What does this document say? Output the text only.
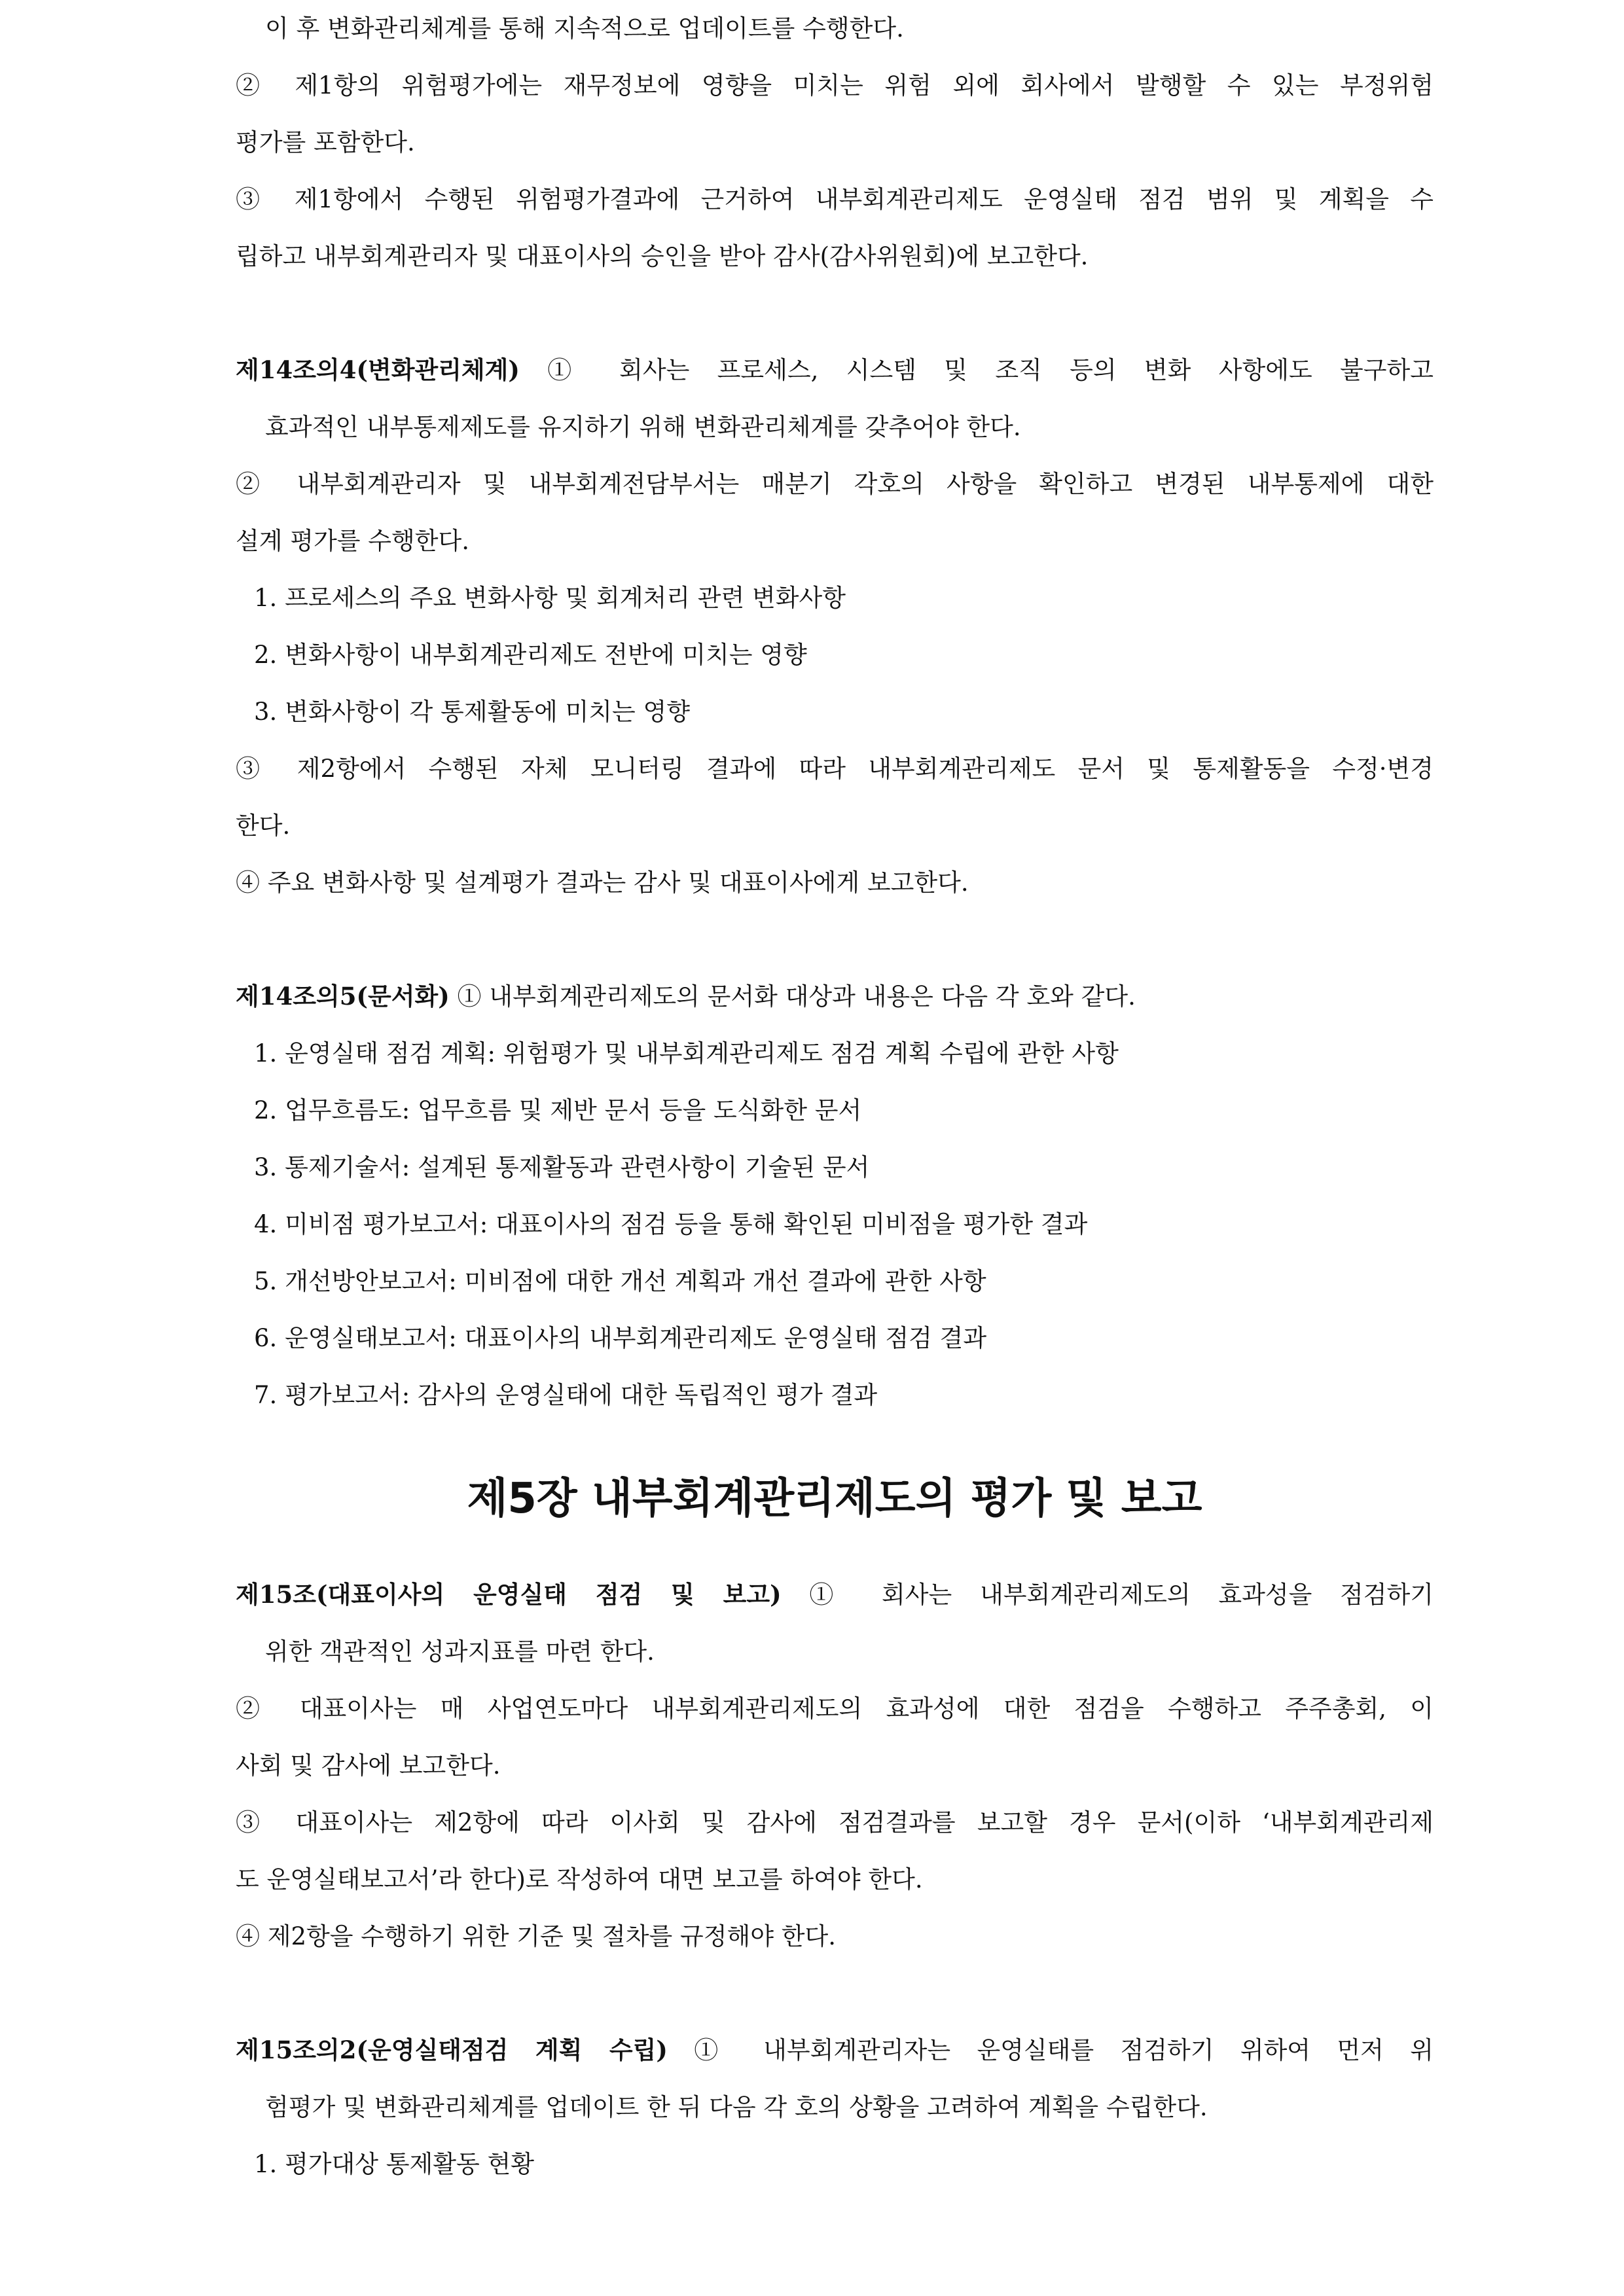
이 후 변화관리체계를 통해 지속적으로 업데이트를 수행한다.
② 제1항의 위험평가에는 재무정보에 영향을 미치는 위험 외에 회사에서 발행할 수 있는 부정위험
평가를 포함한다.
③ 제1항에서 수행된 위험평가결과에 근거하여 내부회계관리제도 운영실태 점검 범위 및 계획을 수
립하고 내부회계관리자 및 대표이사의 승인을 받아 감사(감사위원회)에 보고한다.
제14조의4(변화관리체계) ① 회사는 프로세스, 시스템 및 조직 등의 변화 사항에도 불구하고
효과적인 내부통제제도를 유지하기 위해 변화관리체계를 갖추어야 한다.
② 내부회계관리자 및 내부회계전담부서는 매분기 각호의 사항을 확인하고 변경된 내부통제에 대한
설계 평가를 수행한다.
1. 프로세스의 주요 변화사항 및 회계처리 관련 변화사항
2. 변화사항이 내부회계관리제도 전반에 미치는 영향
3. 변화사항이 각 통제활동에 미치는 영향
③ 제2항에서 수행된 자체 모니터링 결과에 따라 내부회계관리제도 문서 및 통제활동을 수정·변경
한다.
④ 주요 변화사항 및 설계평가 결과는 감사 및 대표이사에게 보고한다.
제14조의5(문서화) ① 내부회계관리제도의 문서화 대상과 내용은 다음 각 호와 같다.
1. 운영실태 점검 계획: 위험평가 및 내부회계관리제도 점검 계획 수립에 관한 사항
2. 업무흐름도: 업무흐름 및 제반 문서 등을 도식화한 문서
3. 통제기술서: 설계된 통제활동과 관련사항이 기술된 문서
4. 미비점 평가보고서: 대표이사의 점검 등을 통해 확인된 미비점을 평가한 결과
5. 개선방안보고서: 미비점에 대한 개선 계획과 개선 결과에 관한 사항
6. 운영실태보고서: 대표이사의 내부회계관리제도 운영실태 점검 결과
7. 평가보고서: 감사의 운영실태에 대한 독립적인 평가 결과
제5장 내부회계관리제도의 평가 및 보고
제15조(대표이사의 운영실태 점검 및 보고) ① 회사는 내부회계관리제도의 효과성을 점검하기
위한 객관적인 성과지표를 마련 한다.
② 대표이사는 매 사업연도마다 내부회계관리제도의 효과성에 대한 점검을 수행하고 주주총회, 이
사회 및 감사에 보고한다.
③ 대표이사는 제2항에 따라 이사회 및 감사에 점검결과를 보고할 경우 문서(이하 ‘내부회계관리제
도 운영실태보고서’라 한다)로 작성하여 대면 보고를 하여야 한다.
④ 제2항을 수행하기 위한 기준 및 절차를 규정해야 한다.
제15조의2(운영실태점검 계획 수립) ① 내부회계관리자는 운영실태를 점검하기 위하여 먼저 위
험평가 및 변화관리체계를 업데이트 한 뒤 다음 각 호의 상황을 고려하여 계획을 수립한다.
1. 평가대상 통제활동 현황
